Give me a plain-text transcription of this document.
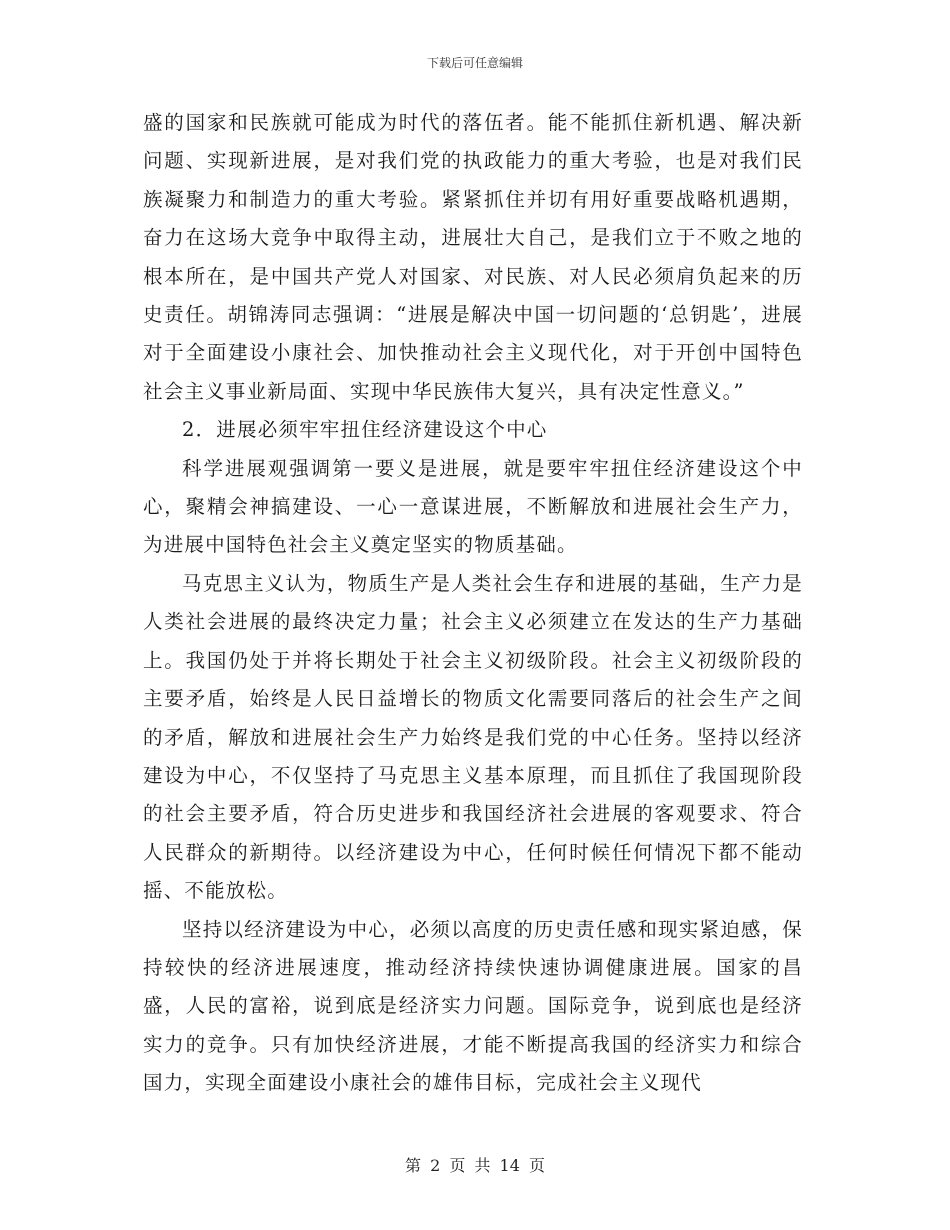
下载后可任意编辑

盛的国家和民族就可能成为时代的落伍者。能不能抓住新机遇、解决新问题、实现新进展，是对我们党的执政能力的重大考验，也是对我们民族凝聚力和制造力的重大考验。紧紧抓住并切有用好重要战略机遇期，奋力在这场大竞争中取得主动，进展壮大自己，是我们立于不败之地的根本所在，是中国共产党人对国家、对民族、对人民必须肩负起来的历史责任。胡锦涛同志强调：“进展是解决中国一切问题的‘总钥匙’，进展对于全面建设小康社会、加快推动社会主义现代化，对于开创中国特色社会主义事业新局面、实现中华民族伟大复兴，具有决定性意义。”

2．进展必须牢牢扭住经济建设这个中心

科学进展观强调第一要义是进展，就是要牢牢扭住经济建设这个中心，聚精会神搞建设、一心一意谋进展，不断解放和进展社会生产力，为进展中国特色社会主义奠定坚实的物质基础。

马克思主义认为，物质生产是人类社会生存和进展的基础，生产力是人类社会进展的最终决定力量；社会主义必须建立在发达的生产力基础上。我国仍处于并将长期处于社会主义初级阶段。社会主义初级阶段的主要矛盾，始终是人民日益增长的物质文化需要同落后的社会生产之间的矛盾，解放和进展社会生产力始终是我们党的中心任务。坚持以经济建设为中心，不仅坚持了马克思主义基本原理，而且抓住了我国现阶段的社会主要矛盾，符合历史进步和我国经济社会进展的客观要求、符合人民群众的新期待。以经济建设为中心，任何时候任何情况下都不能动摇、不能放松。

坚持以经济建设为中心，必须以高度的历史责任感和现实紧迫感，保持较快的经济进展速度，推动经济持续快速协调健康进展。国家的昌盛，人民的富裕，说到底是经济实力问题。国际竞争，说到底也是经济实力的竞争。只有加快经济进展，才能不断提高我国的经济实力和综合国力，实现全面建设小康社会的雄伟目标，完成社会主义现代

第 2 页 共 14 页
